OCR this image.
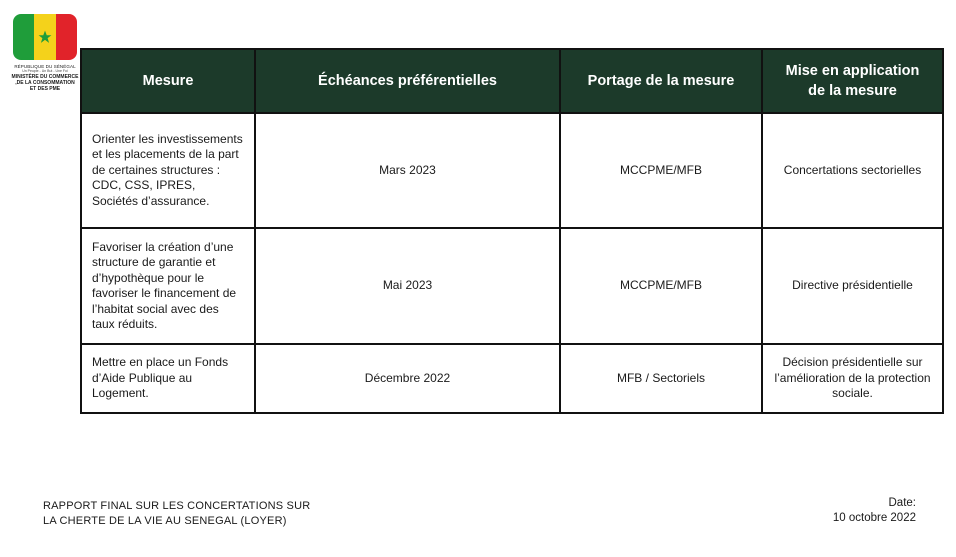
RÉPUBLIQUE DU SÉNÉGAL
Un Peuple - Un But - Une Foi
MINISTÈRE DU COMMERCE
,DE LA CONSOMMATION
ET DES PME	Mesure	Échéances préférentielles	Portage de la mesure	Mise en application de la mesure
Orienter les investissements et les placements de la part de certaines structures : CDC, CSS, IPRES, Sociétés d’assurance.	Mars 2023	MCCPME/MFB	Concertations sectorielles
Favoriser la création d’une structure de garantie et d’hypothèque pour le favoriser le financement de l’habitat social avec des taux réduits.	Mai 2023	MCCPME/MFB	Directive présidentielle
Mettre en place un Fonds d’Aide Publique au Logement.	Décembre 2022	MFB / Sectoriels	Décision présidentielle sur l’amélioration de la protection sociale.
RAPPORT FINAL SUR LES CONCERTATIONS SUR
LA CHERTE DE LA VIE AU SENEGAL (LOYER)
Date:
10 octobre 2022
